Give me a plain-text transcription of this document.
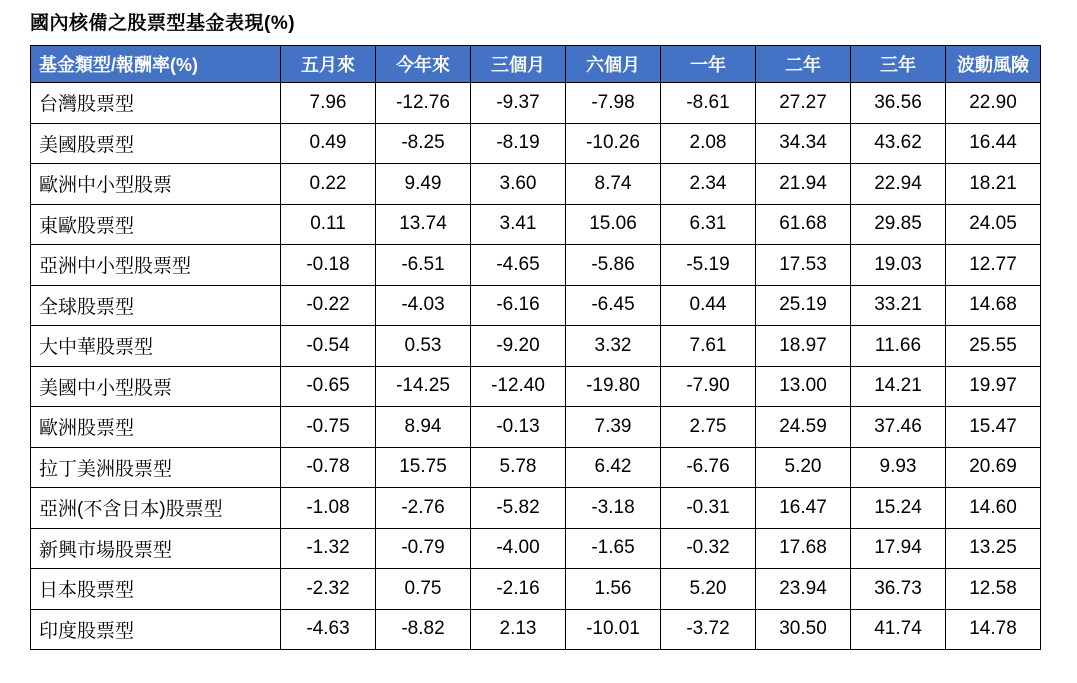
國內核備之股票型基金表現(%)
基金類型/報酬率(%)	五月來	今年來	三個月	六個月	一年	二年	三年	波動風險
台灣股票型	7.96	-12.76	-9.37	-7.98	-8.61	27.27	36.56	22.90
美國股票型	0.49	-8.25	-8.19	-10.26	2.08	34.34	43.62	16.44
歐洲中小型股票	0.22	9.49	3.60	8.74	2.34	21.94	22.94	18.21
東歐股票型	0.11	13.74	3.41	15.06	6.31	61.68	29.85	24.05
亞洲中小型股票型	-0.18	-6.51	-4.65	-5.86	-5.19	17.53	19.03	12.77
全球股票型	-0.22	-4.03	-6.16	-6.45	0.44	25.19	33.21	14.68
大中華股票型	-0.54	0.53	-9.20	3.32	7.61	18.97	11.66	25.55
美國中小型股票	-0.65	-14.25	-12.40	-19.80	-7.90	13.00	14.21	19.97
歐洲股票型	-0.75	8.94	-0.13	7.39	2.75	24.59	37.46	15.47
拉丁美洲股票型	-0.78	15.75	5.78	6.42	-6.76	5.20	9.93	20.69
亞洲(不含日本)股票型	-1.08	-2.76	-5.82	-3.18	-0.31	16.47	15.24	14.60
新興市場股票型	-1.32	-0.79	-4.00	-1.65	-0.32	17.68	17.94	13.25
日本股票型	-2.32	0.75	-2.16	1.56	5.20	23.94	36.73	12.58
印度股票型	-4.63	-8.82	2.13	-10.01	-3.72	30.50	41.74	14.78
